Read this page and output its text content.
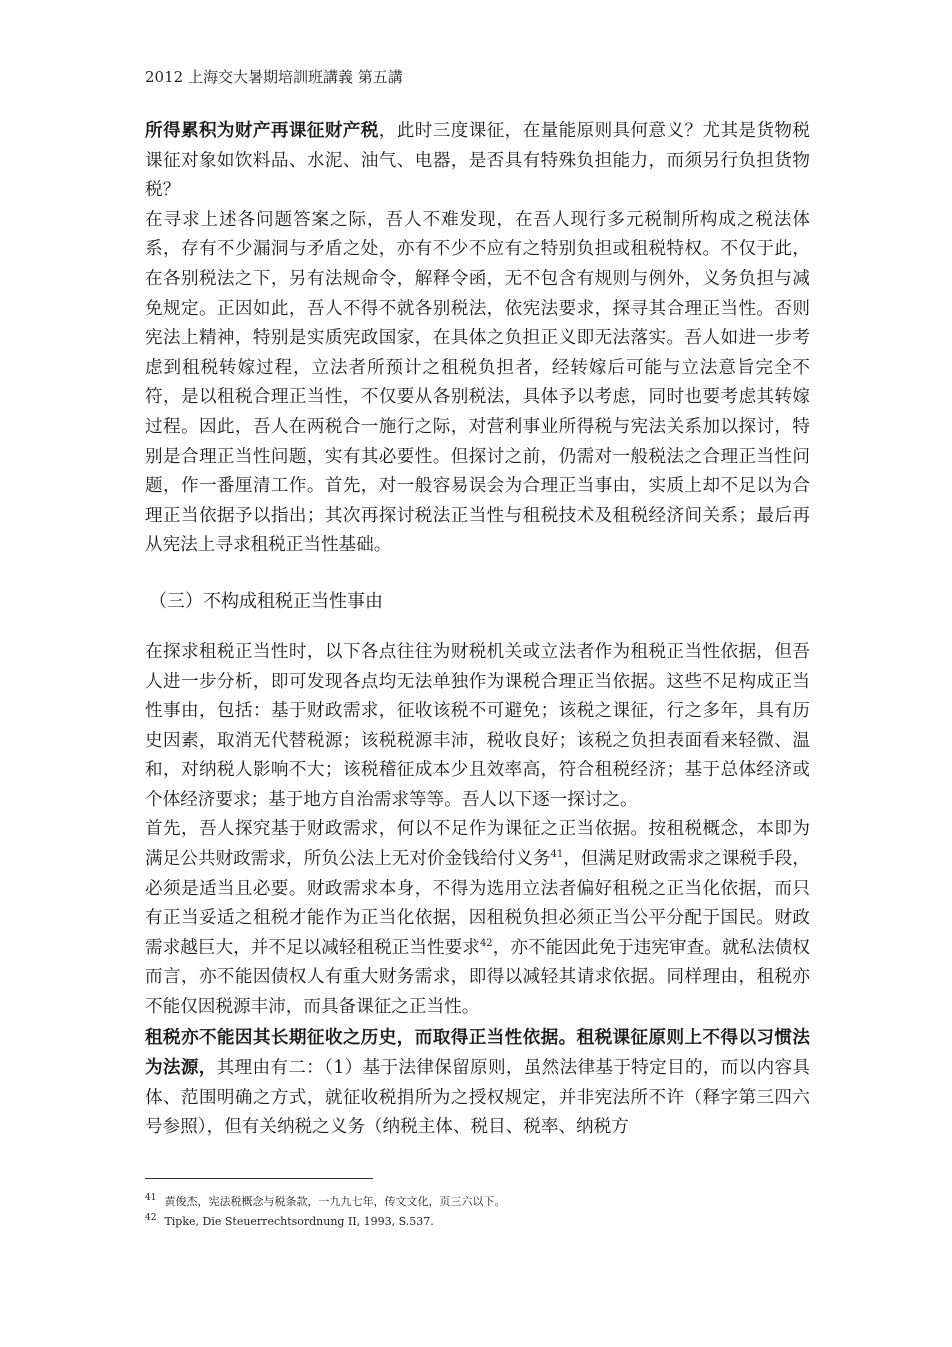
2012 上海交大暑期培訓班講義 第五講

所得累积为财产再课征财产税，此时三度课征，在量能原则具何意义？尤其是货物税课征对象如饮料品、水泥、油气、电器，是否具有特殊负担能力，而须另行负担货物税？

在寻求上述各问题答案之际，吾人不难发现，在吾人现行多元税制所构成之税法体系，存有不少漏洞与矛盾之处，亦有不少不应有之特别负担或租税特权。不仅于此，在各别税法之下，另有法规命令，解释令函，无不包含有规则与例外，义务负担与减免规定。正因如此，吾人不得不就各别税法，依宪法要求，探寻其合理正当性。否则宪法上精神，特别是实质宪政国家，在具体之负担正义即无法落实。吾人如进一步考虑到租税转嫁过程，立法者所预计之租税负担者，经转嫁后可能与立法意旨完全不符，是以租税合理正当性，不仅要从各别税法，具体予以考虑，同时也要考虑其转嫁过程。因此，吾人在两税合一施行之际，对营利事业所得税与宪法关系加以探讨，特别是合理正当性问题，实有其必要性。但探讨之前，仍需对一般税法之合理正当性问题，作一番厘清工作。首先，对一般容易误会为合理正当事由，实质上却不足以为合理正当依据予以指出；其次再探讨税法正当性与租税技术及租税经济间关系；最后再从宪法上寻求租税正当性基础。

（三）不构成租税正当性事由

在探求租税正当性时，以下各点往往为财税机关或立法者作为租税正当性依据，但吾人进一步分析，即可发现各点均无法单独作为课税合理正当依据。这些不足构成正当性事由，包括：基于财政需求，征收该税不可避免；该税之课征，行之多年，具有历史因素，取消无代替税源；该税税源丰沛，税收良好；该税之负担表面看来轻微、温和，对纳税人影响不大；该税稽征成本少且效率高，符合租税经济；基于总体经济或个体经济要求；基于地方自治需求等等。吾人以下逐一探讨之。

首先，吾人探究基于财政需求，何以不足作为课征之正当依据。按租税概念，本即为满足公共财政需求，所负公法上无对价金钱给付义务$^{41}$，但满足财政需求之课税手段，必须是适当且必要。财政需求本身，不得为选用立法者偏好租税之正当化依据，而只有正当妥适之租税才能作为正当化依据，因租税负担必须正当公平分配于国民。财政需求越巨大，并不足以减轻租税正当性要求$^{42}$，亦不能因此免于违宪审查。就私法债权而言，亦不能因债权人有重大财务需求，即得以减轻其请求依据。同样理由，租税亦不能仅因税源丰沛，而具备课征之正当性。

租税亦不能因其长期征收之历史，而取得正当性依据。租税课征原则上不得以习惯法为法源，其理由有二：（1）基于法律保留原则，虽然法律基于特定目的，而以内容具体、范围明确之方式，就征收税捐所为之授权规定，并非宪法所不许（释字第三四六号参照），但有关纳税之义务（纳税主体、税目、税率、纳税方

$^{41}$ 黄俊杰，宪法税概念与税条款，一九九七年，传文文化，页三六以下。
$^{42}$ Tipke, Die Steuerrechtsordnung II, 1993, S.537.
